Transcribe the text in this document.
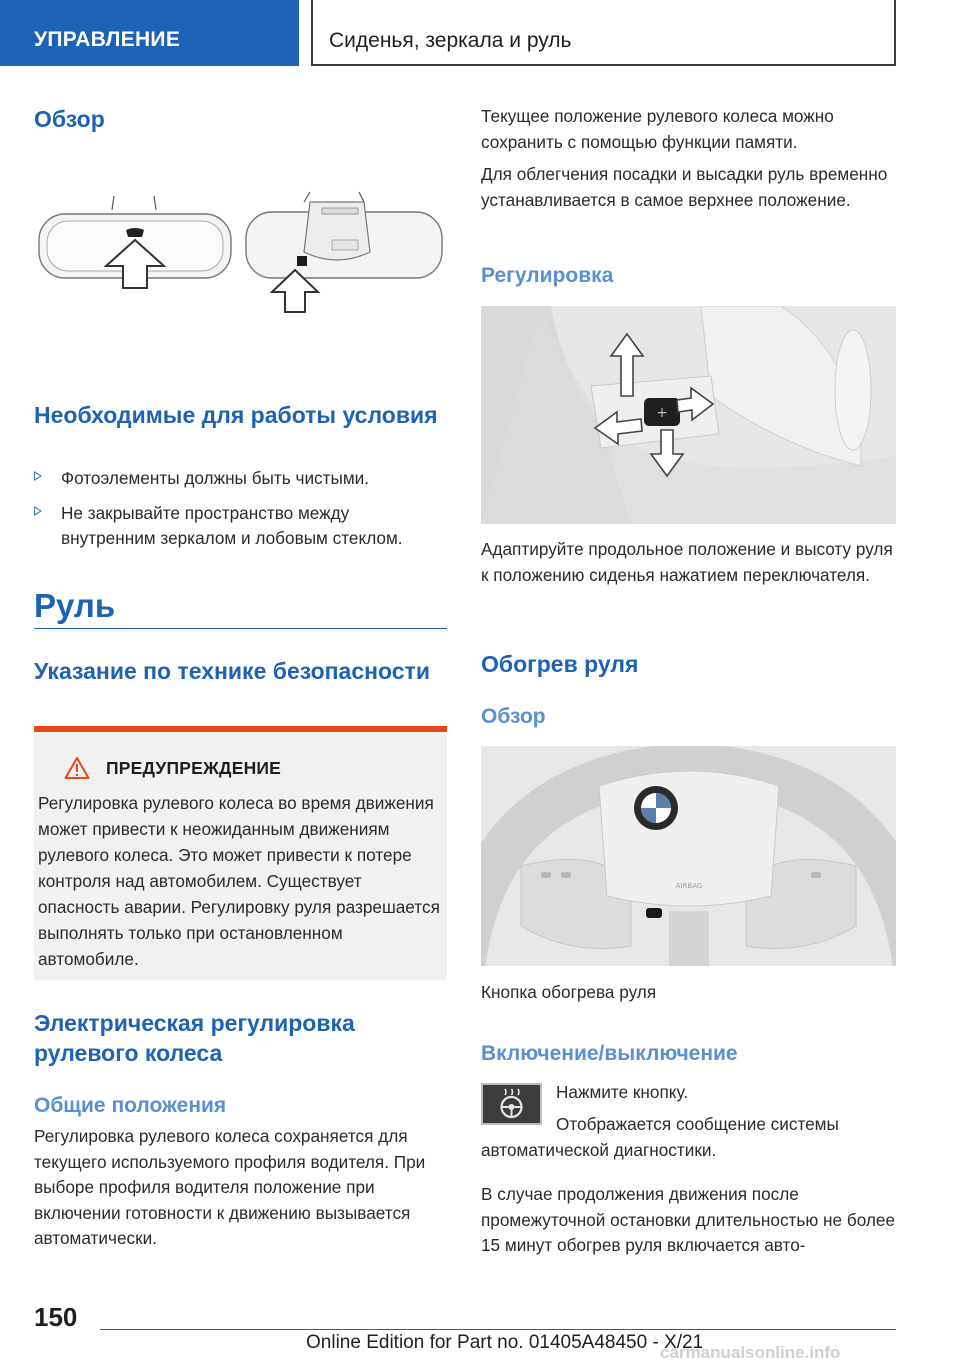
УПРАВЛЕНИЕ	Сиденья, зеркала и руль
Обзор
Необходимые для работы условия
Фотоэлементы должны быть чистыми.
Не закрывайте пространство между внутренним зеркалом и лобовым стеклом.
Руль
Указание по технике безопасности
ПРЕДУПРЕЖДЕНИЕ

Регулировка рулевого колеса во время движения может привести к неожиданным движениям рулевого колеса. Это может привести к потере контроля над автомобилем. Существует опасность аварии. Регулировку руля разрешается выполнять только при остановленном автомобиле.

Электрическая регулировка рулевого колеса
Общие положения

Регулировка рулевого колеса сохраняется для текущего используемого профиля водителя. При выборе профиля водителя положение при включении готовности к движению вызывается автоматически.

Текущее положение рулевого колеса можно сохранить с помощью функции памяти.

Для облегчения посадки и высадки руль временно устанавливается в самое верхнее положение.

Регулировка
+

Адаптируйте продольное положение и высоту руля к положению сиденья нажатием переключателя.

Обогрев руля
Обзор
AIRBAG

Кнопка обогрева руля

Включение/выключение

Нажмите кнопку.

Отображается сообщение системы автоматической диагностики.

В случае продолжения движения после промежуточной остановки длительностью не более 15 минут обогрев руля включается авто-

150
Online Edition for Part no. 01405A48450 - X/21
carmanualsonline.info
